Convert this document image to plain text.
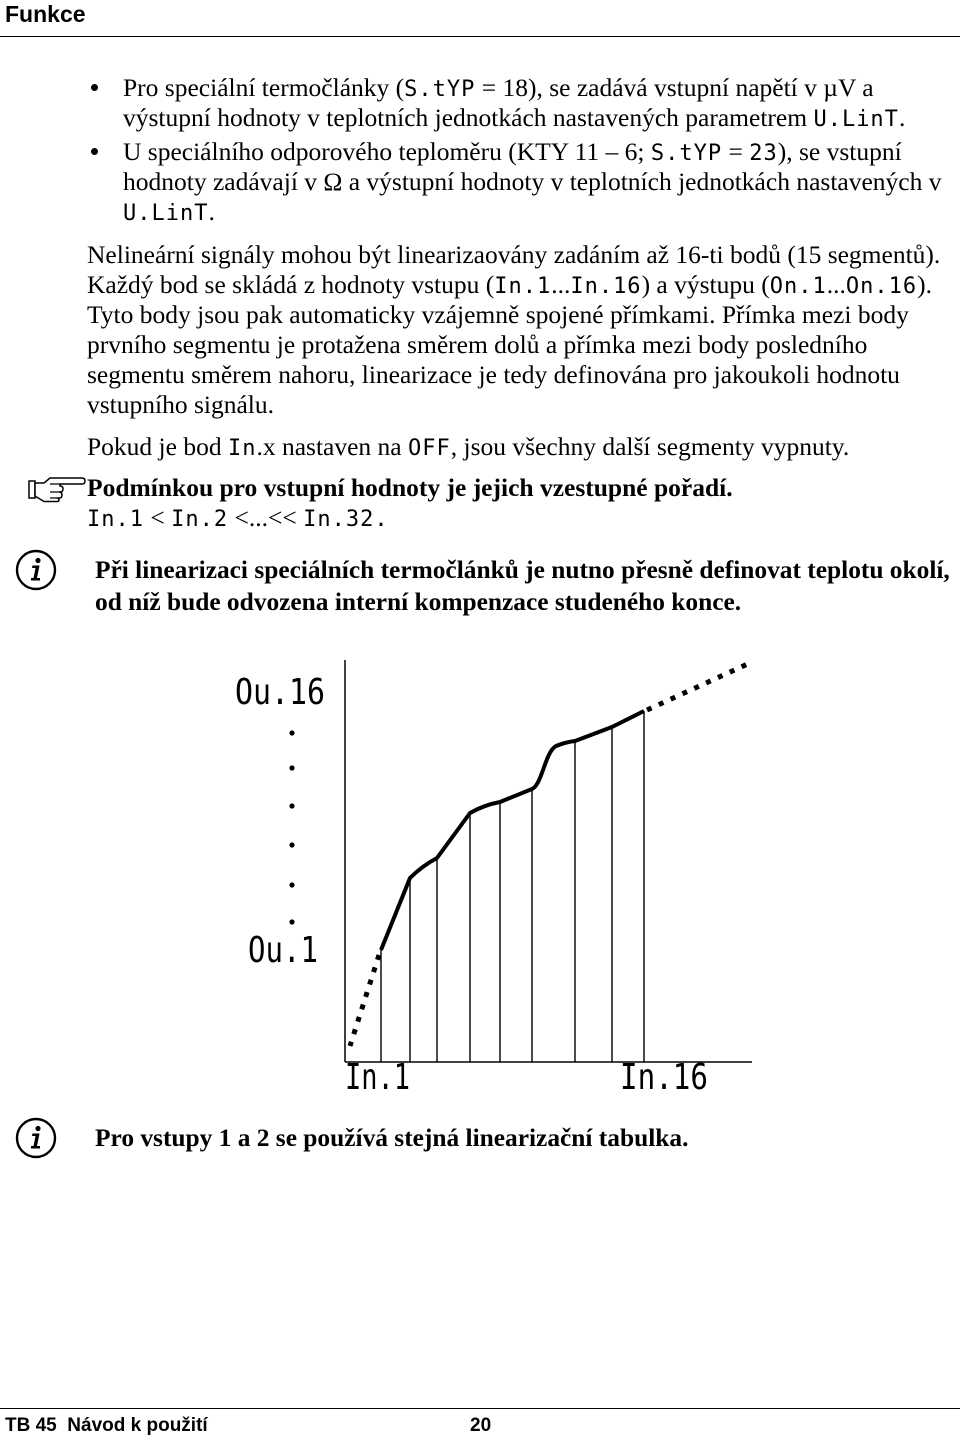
Funkce
Pro speciální termočlánky (S.tYP = 18), se zadává vstupní napětí v µV a
výstupní hodnoty v teplotních jednotkách nastavených parametrem U.LinT.
U speciálního odporového teploměru (KTY 11 – 6; S.tYP = 23), se vstupní
hodnoty zadávají v Ω a výstupní hodnoty v teplotních jednotkách nastavených v
U.LinT.
Nelineární signály mohou být linearizaovány zadáním až 16-ti bodů (15 segmentů).
Každý bod se skládá z hodnoty vstupu (In.1...In.16) a výstupu (On.1...On.16).
Tyto body jsou pak automaticky vzájemně spojené přímkami. Přímka mezi body
prvního segmentu je protažena směrem dolů a přímka mezi body posledního
segmentu směrem nahoru, linearizace je tedy definována pro jakoukoli hodnotu
vstupního signálu.
Pokud je bod In.x nastaven na OFF, jsou všechny další segmenty vypnuty.
Podmínkou pro vstupní hodnoty je jejich vzestupné pořadí.
In.1 < In.2 <...<< In.32.
Při linearizaci speciálních termočlánků je nutno přesně definovat teplotu okolí,
od níž bude odvozena interní kompenzace studeného konce.
Ou.16
Ou.1
In.1	In.16
Pro vstupy 1 a 2 se používá stejná linearizační tabulka.
TB 45  Návod k použití	20
